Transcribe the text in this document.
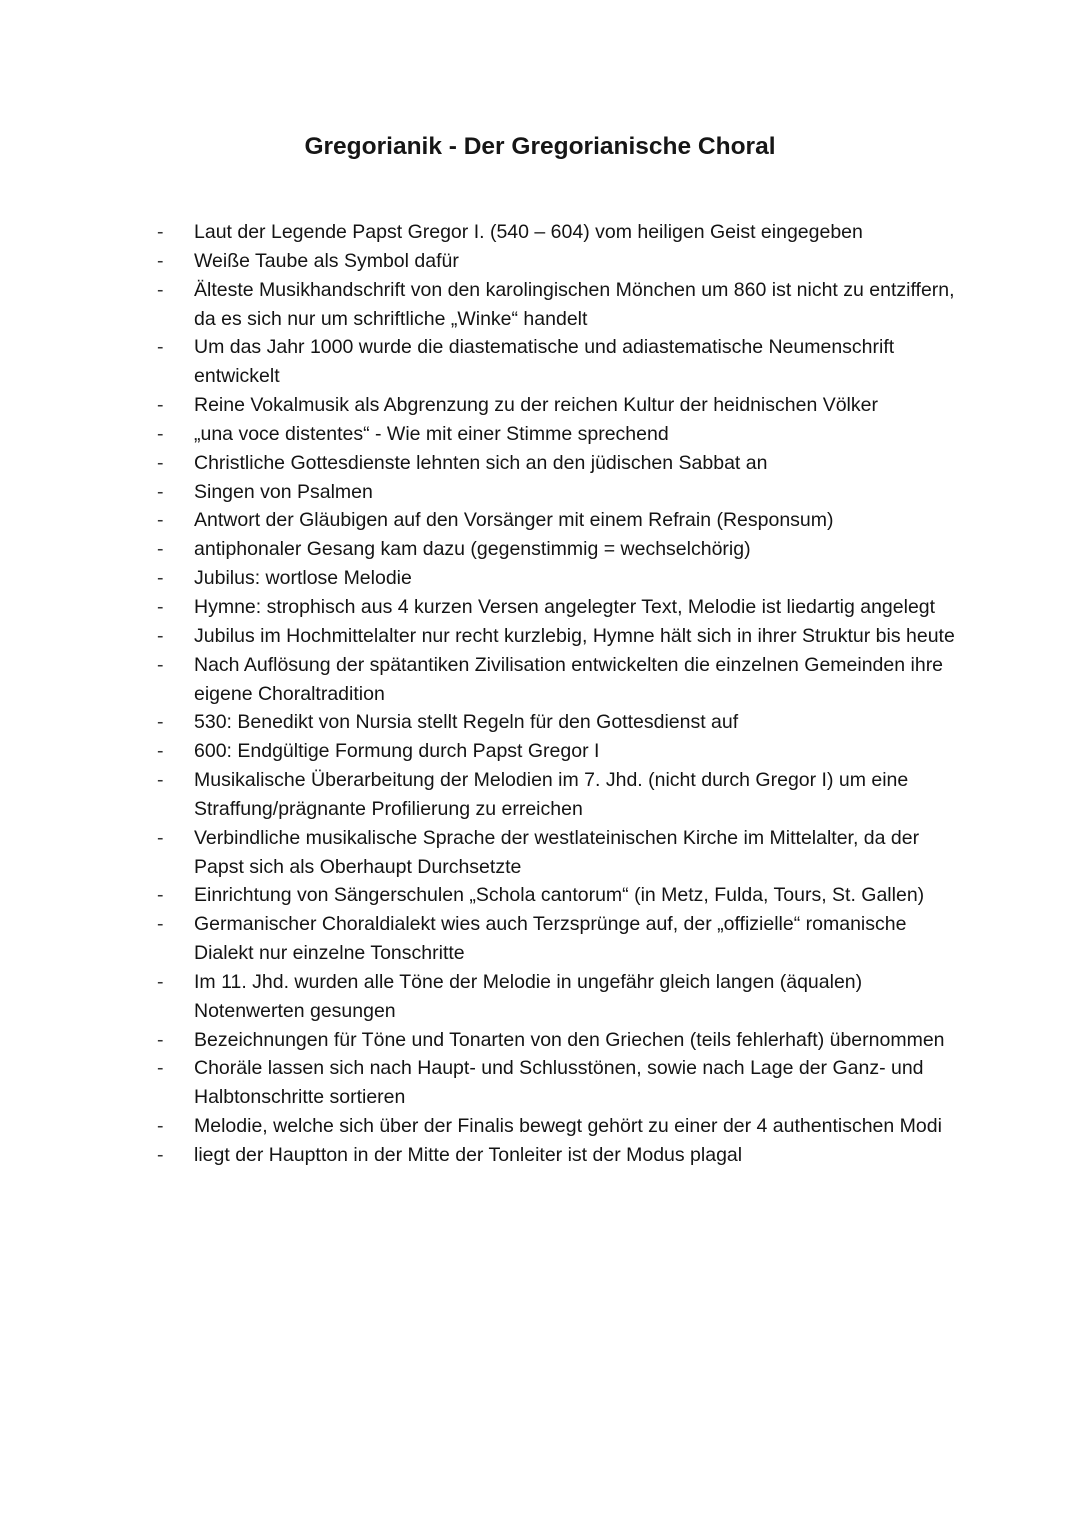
Gregorianik - Der Gregorianische Choral
-	Laut der Legende Papst Gregor I. (540 – 604) vom heiligen Geist eingegeben
-	Weiße Taube als Symbol dafür
-	Älteste Musikhandschrift von den karolingischen Mönchen um 860 ist nicht zu entziffern, da es sich nur um schriftliche „Winke“ handelt
-	Um das Jahr 1000 wurde die diastematische und adiastematische Neumenschrift entwickelt
-	Reine Vokalmusik als Abgrenzung zu der reichen Kultur der heidnischen Völker
-	„una voce distentes“ - Wie mit einer Stimme sprechend
-	Christliche Gottesdienste lehnten sich an den jüdischen Sabbat an
-	Singen von Psalmen
-	Antwort der Gläubigen auf den Vorsänger mit einem Refrain (Responsum)
-	antiphonaler Gesang kam dazu (gegenstimmig = wechselchörig)
-	Jubilus: wortlose Melodie
-	Hymne: strophisch aus 4 kurzen Versen angelegter Text, Melodie ist liedartig angelegt
-	Jubilus im Hochmittelalter nur recht kurzlebig, Hymne hält sich in ihrer Struktur bis heute
-	Nach Auflösung der spätantiken Zivilisation entwickelten die einzelnen Gemeinden ihre eigene Choraltradition
-	530: Benedikt von Nursia stellt Regeln für den Gottesdienst auf
-	600: Endgültige Formung durch Papst Gregor I
-	Musikalische Überarbeitung der Melodien im 7. Jhd. (nicht durch Gregor I) um eine Straffung/prägnante Profilierung zu erreichen
-	Verbindliche musikalische Sprache der westlateinischen Kirche im Mittelalter, da der Papst sich als Oberhaupt Durchsetzte
-	Einrichtung von Sängerschulen „Schola cantorum“ (in Metz, Fulda, Tours, St. Gallen)
-	Germanischer Choraldialekt wies auch Terzsprünge auf, der „offizielle“ romanische Dialekt nur einzelne Tonschritte
-	Im 11. Jhd. wurden alle Töne der Melodie in ungefähr gleich langen (äqualen) Notenwerten gesungen
-	Bezeichnungen für Töne und Tonarten von den Griechen (teils fehlerhaft) übernommen
-	Choräle lassen sich nach Haupt- und Schlusstönen, sowie nach Lage der Ganz- und Halbtonschritte sortieren
-	Melodie, welche sich über der Finalis bewegt gehört zu einer der 4 authentischen Modi
-	liegt der Hauptton in der Mitte der Tonleiter ist der Modus plagal
